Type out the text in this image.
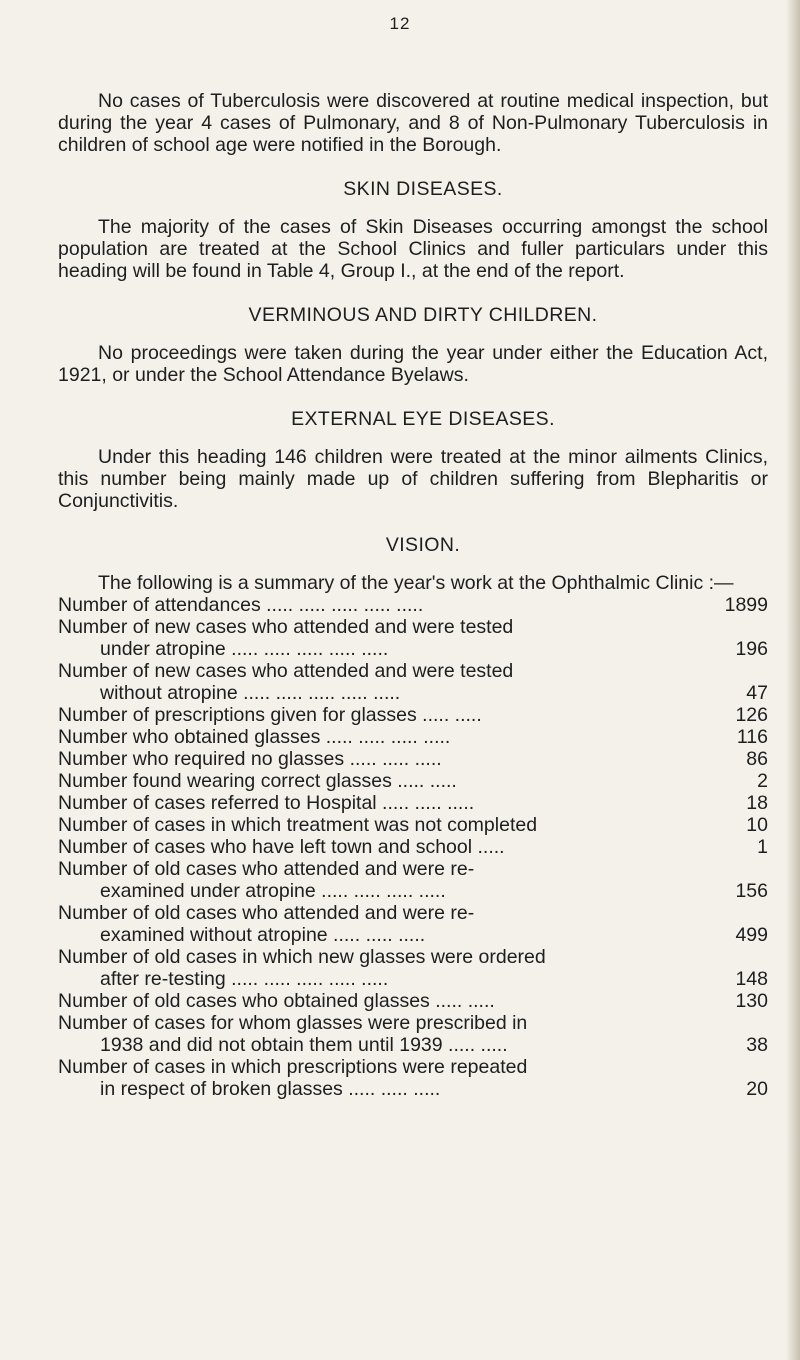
12

No cases of Tuberculosis were discovered at routine medical inspection, but during the year 4 cases of Pulmonary, and 8 of Non-Pulmonary Tuberculosis in children of school age were notified in the Borough.

SKIN DISEASES.

The majority of the cases of Skin Diseases occurring amongst the school population are treated at the School Clinics and fuller particulars under this heading will be found in Table 4, Group I., at the end of the report.

VERMINOUS AND DIRTY CHILDREN.

No proceedings were taken during the year under either the Education Act, 1921, or under the School Attendance Byelaws.

EXTERNAL EYE DISEASES.

Under this heading 146 children were treated at the minor ailments Clinics, this number being mainly made up of children suffering from Blepharitis or Conjunctivitis.

VISION.

The following is a summary of the year's work at the Ophthalmic Clinic :—

Number of attendances ..... ..... ..... ..... .....	1899
Number of new cases who attended and were tested
under atropine ..... ..... ..... ..... .....	196
Number of new cases who attended and were tested
without atropine ..... ..... ..... ..... .....	47
Number of prescriptions given for glasses ..... .....	126
Number who obtained glasses ..... ..... ..... .....	116
Number who required no glasses ..... ..... .....	86
Number found wearing correct glasses ..... .....	2
Number of cases referred to Hospital ..... ..... .....	18
Number of cases in which treatment was not completed	10
Number of cases who have left town and school .....	1
Number of old cases who attended and were re-
examined under atropine ..... ..... ..... .....	156
Number of old cases who attended and were re-
examined without atropine ..... ..... .....	499
Number of old cases in which new glasses were ordered
after re-testing ..... ..... ..... ..... .....	148
Number of old cases who obtained glasses ..... .....	130
Number of cases for whom glasses were prescribed in
1938 and did not obtain them until 1939 ..... .....	38
Number of cases in which prescriptions were repeated
in respect of broken glasses ..... ..... .....	20
